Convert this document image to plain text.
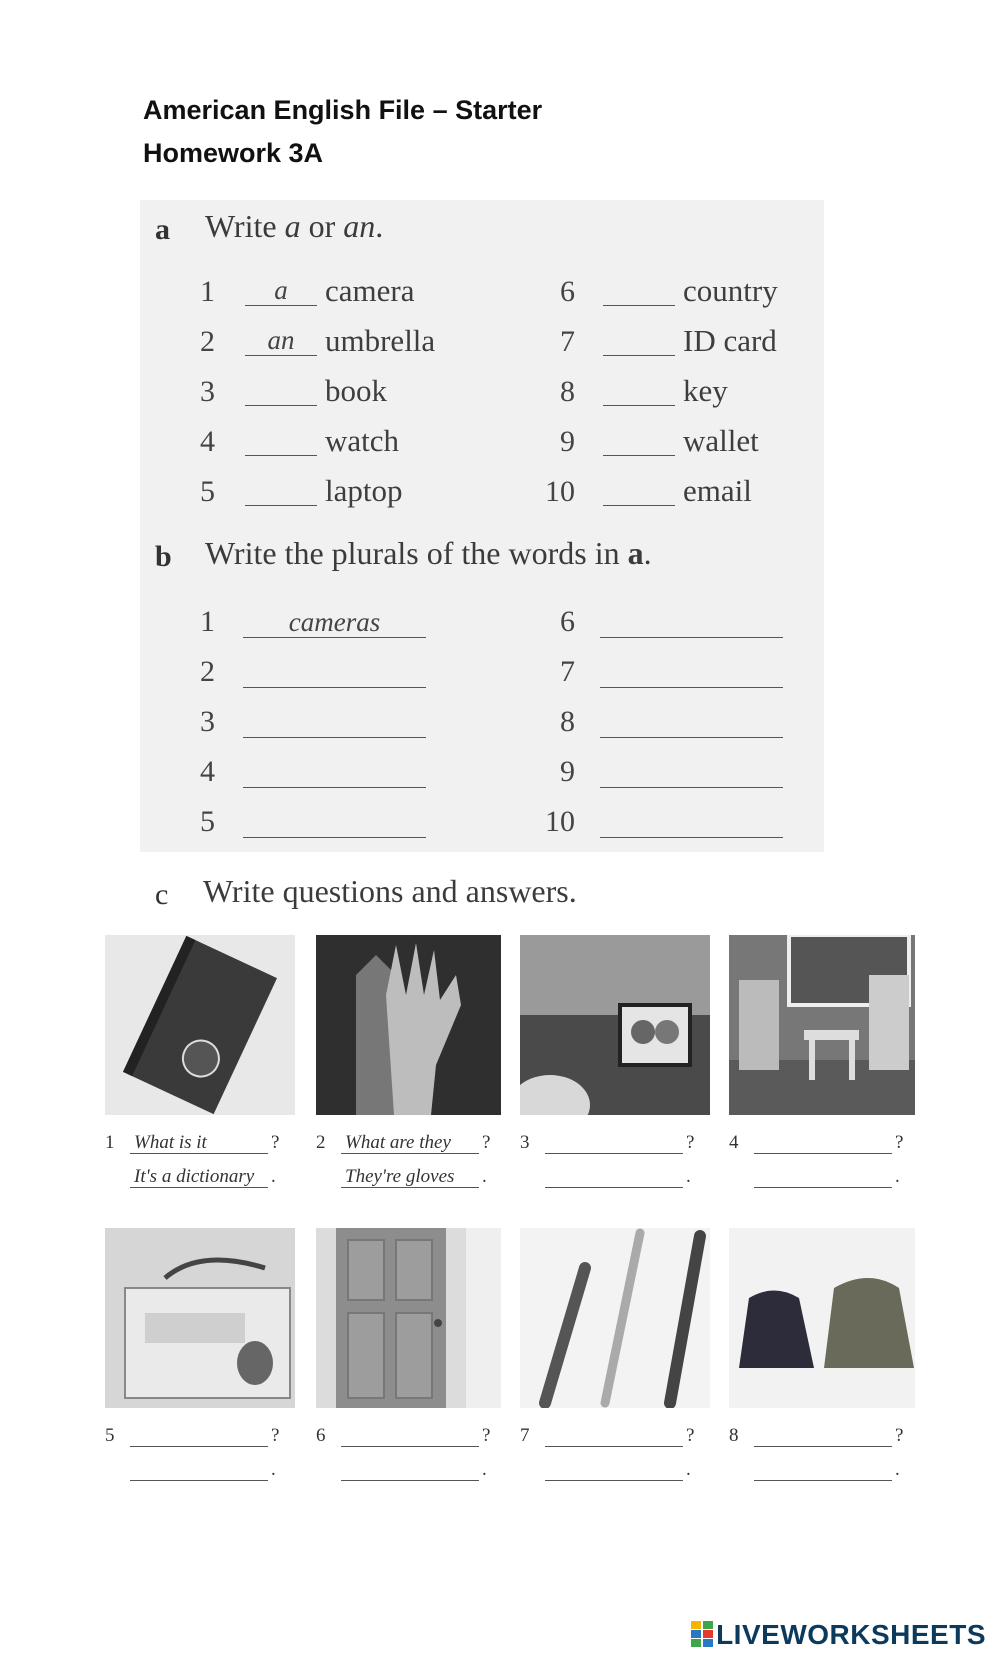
American English File – Starter
Homework 3A
a Write a or an.
1	a	camera
2	an umbrella
3	book
4	watch
5	laptop
6	country
7	ID card
8	key
9	wallet
10	email
b Write the plurals of the words in a.
1	cameras
2
3
4
5
6
7
8
9
10
c Write questions and answers.
1 What is it	?
It's a dictionary .
2 What are they	?
They're gloves	.
3	?
.
4	?
.
5	?
.
6	?
.
7	?
.
8	?
.
LIVEWORKSHEETS
